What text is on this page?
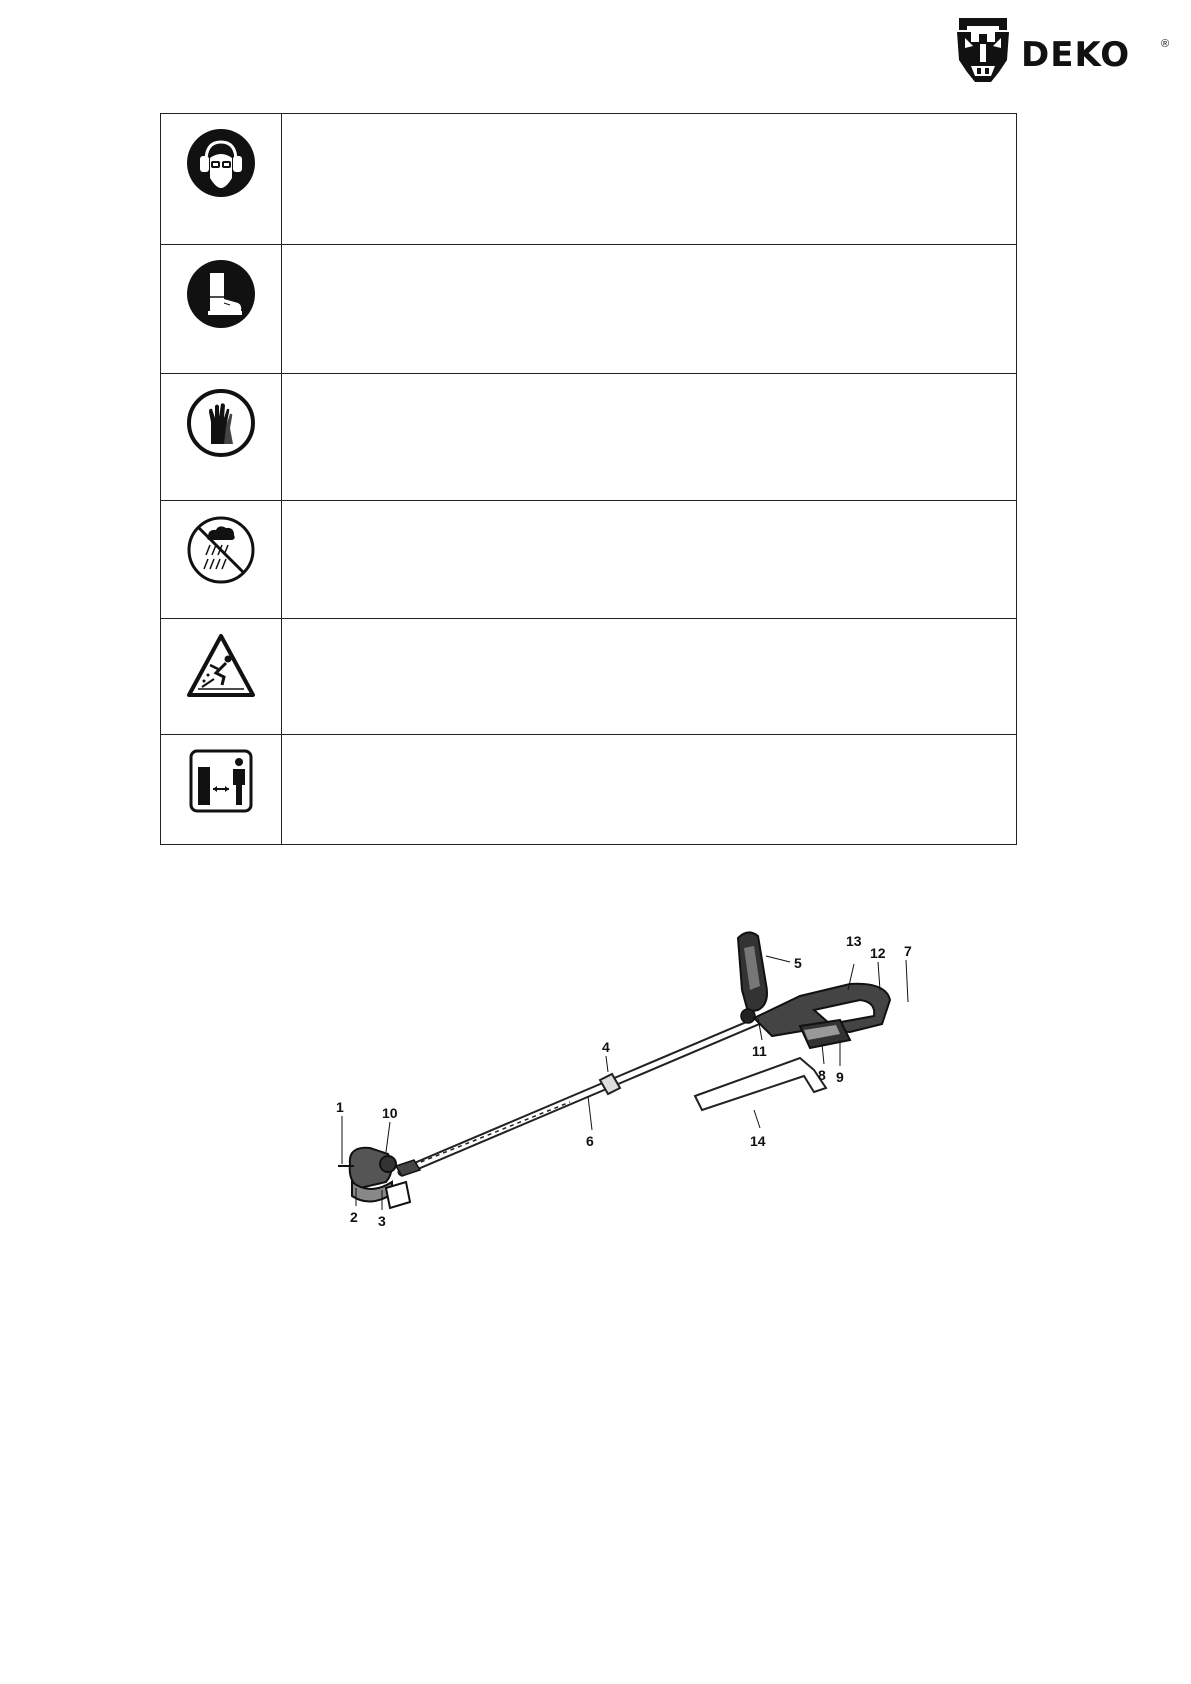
DEKO	®

1
2 3
4
5
6
7
8 9
10
11
12
13
14
